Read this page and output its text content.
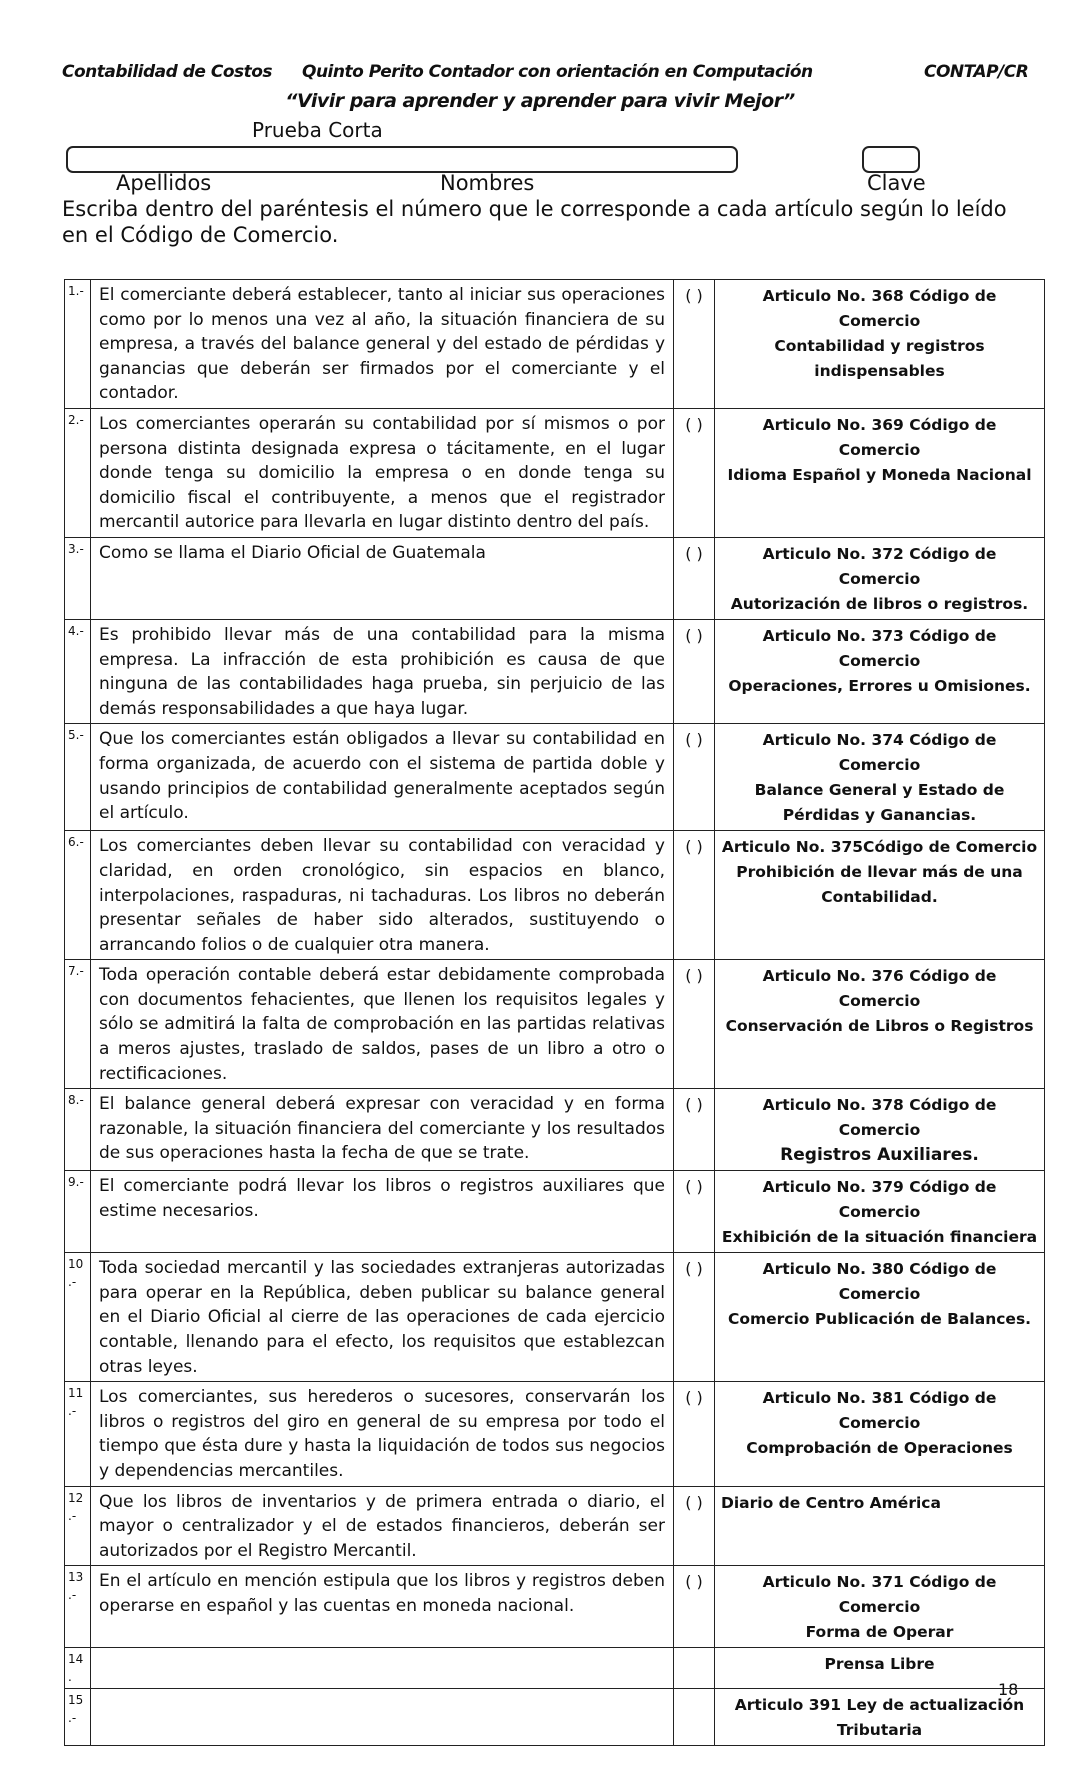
Contabilidad de Costos Quinto Perito Contador con orientación en Computación	CONTAP/CR
“Vivir para aprender y aprender para vivir Mejor”
Prueba Corta
Apellidos	Nombres	Clave
Escriba dentro del paréntesis el número que le corresponde a cada artículo según lo leído en el Código de Comercio.
1.-	El comerciante deberá establecer, tanto al iniciar sus operaciones como por lo menos una vez al año, la situación financiera de su empresa, a través del balance general y del estado de pérdidas y ganancias que deberán ser firmados por el comerciante y el contador.	( )	Articulo No. 368 Código de Comercio
Contabilidad y registros indispensables

2.-	Los comerciantes operarán su contabilidad por sí mismos o por persona distinta designada expresa o tácitamente, en el lugar donde tenga su domicilio la empresa o en donde tenga su domicilio fiscal el contribuyente, a menos que el registrador mercantil autorice para llevarla en lugar distinto dentro del país.	( )	Articulo No. 369 Código de Comercio
Idioma Español y Moneda Nacional

3.-	Como se llama el Diario Oficial de Guatemala	( )	Articulo No. 372 Código de Comercio
Autorización de libros o registros.

4.-	Es prohibido llevar más de una contabilidad para la misma empresa. La infracción de esta prohibición es causa de que ninguna de las contabilidades haga prueba, sin perjuicio de las demás responsabilidades a que haya lugar.	( )	Articulo No. 373 Código de Comercio
Operaciones, Errores u Omisiones.

5.-	Que los comerciantes están obligados a llevar su contabilidad en forma organizada, de acuerdo con el sistema de partida doble y usando principios de contabilidad generalmente aceptados según el artículo.	( )	Articulo No. 374 Código de Comercio
Balance General y Estado de Pérdidas y Ganancias.

6.-	Los comerciantes deben llevar su contabilidad con veracidad y claridad, en orden cronológico, sin espacios en blanco, interpolaciones, raspaduras, ni tachaduras. Los libros no deberán presentar señales de haber sido alterados, sustituyendo o arrancando folios o de cualquier otra manera.	( )	Articulo No. 375Código de Comercio
Prohibición de llevar más de una Contabilidad.

7.-	Toda operación contable deberá estar debidamente comprobada con documentos fehacientes, que llenen los requisitos legales y sólo se admitirá la falta de comprobación en las partidas relativas a meros ajustes, traslado de saldos, pases de un libro a otro o rectificaciones.	( )	Articulo No. 376 Código de Comercio
Conservación de Libros o Registros

8.-	El balance general deberá expresar con veracidad y en forma razonable, la situación financiera del comerciante y los resultados de sus operaciones hasta la fecha de que se trate.	( )	Articulo No. 378 Código de Comercio
Registros Auxiliares.

9.-	El comerciante podrá llevar los libros o registros auxiliares que estime necesarios.	( )	Articulo No. 379 Código de Comercio
Exhibición de la situación financiera

10 .-	Toda sociedad mercantil y las sociedades extranjeras autorizadas para operar en la República, deben publicar su balance general en el Diario Oficial al cierre de las operaciones de cada ejercicio contable, llenando para el efecto, los requisitos que establezcan otras leyes.	( )	Articulo No. 380 Código de Comercio
Comercio Publicación de Balances.

11 .-	Los comerciantes, sus herederos o sucesores, conservarán los libros o registros del giro en general de su empresa por todo el tiempo que ésta dure y hasta la liquidación de todos sus negocios y dependencias mercantiles.	( )	Articulo No. 381 Código de Comercio
Comprobación de Operaciones

12 .-	Que los libros de inventarios y de primera entrada o diario, el mayor o centralizador y el de estados financieros, deberán ser autorizados por el Registro Mercantil.	( )	Diario de Centro América

13 .-	En el artículo en mención estipula que los libros y registros deben operarse en español y las cuentas en moneda nacional.	( )	Articulo No. 371 Código de Comercio
Forma de Operar

14 .			Prensa Libre

15 .-			Articulo 391 Ley de actualización Tributaria
18
